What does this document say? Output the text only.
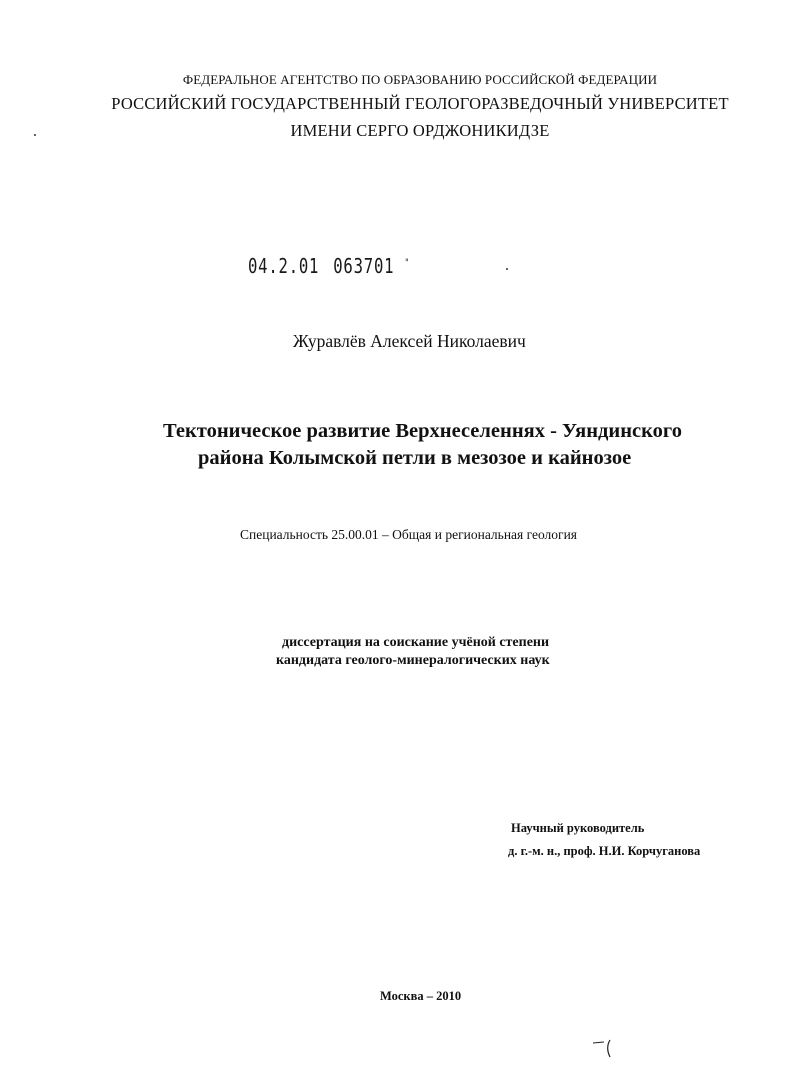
ФЕДЕРАЛЬНОЕ АГЕНТСТВО ПО ОБРАЗОВАНИЮ РОССИЙСКОЙ ФЕДЕРАЦИИ
РОССИЙСКИЙ ГОСУДАРСТВЕННЫЙ ГЕОЛОГОРАЗВЕДОЧНЫЙ УНИВЕРСИТЕТ
ИМЕНИ СЕРГО ОРДЖОНИКИДЗЕ
04.2.01 063701 "
Журавлёв Алексей Николаевич
Тектоническое развитие Верхнеселеннях - Уяндинского
района Колымской петли в мезозое и кайнозое
Специальность 25.00.01 – Общая и региональная геология
диссертация на соискание учёной степени
кандидата геолого-минералогических наук
Научный руководитель
д. г.-м. н., проф. Н.И. Корчуганова
Москва – 2010
